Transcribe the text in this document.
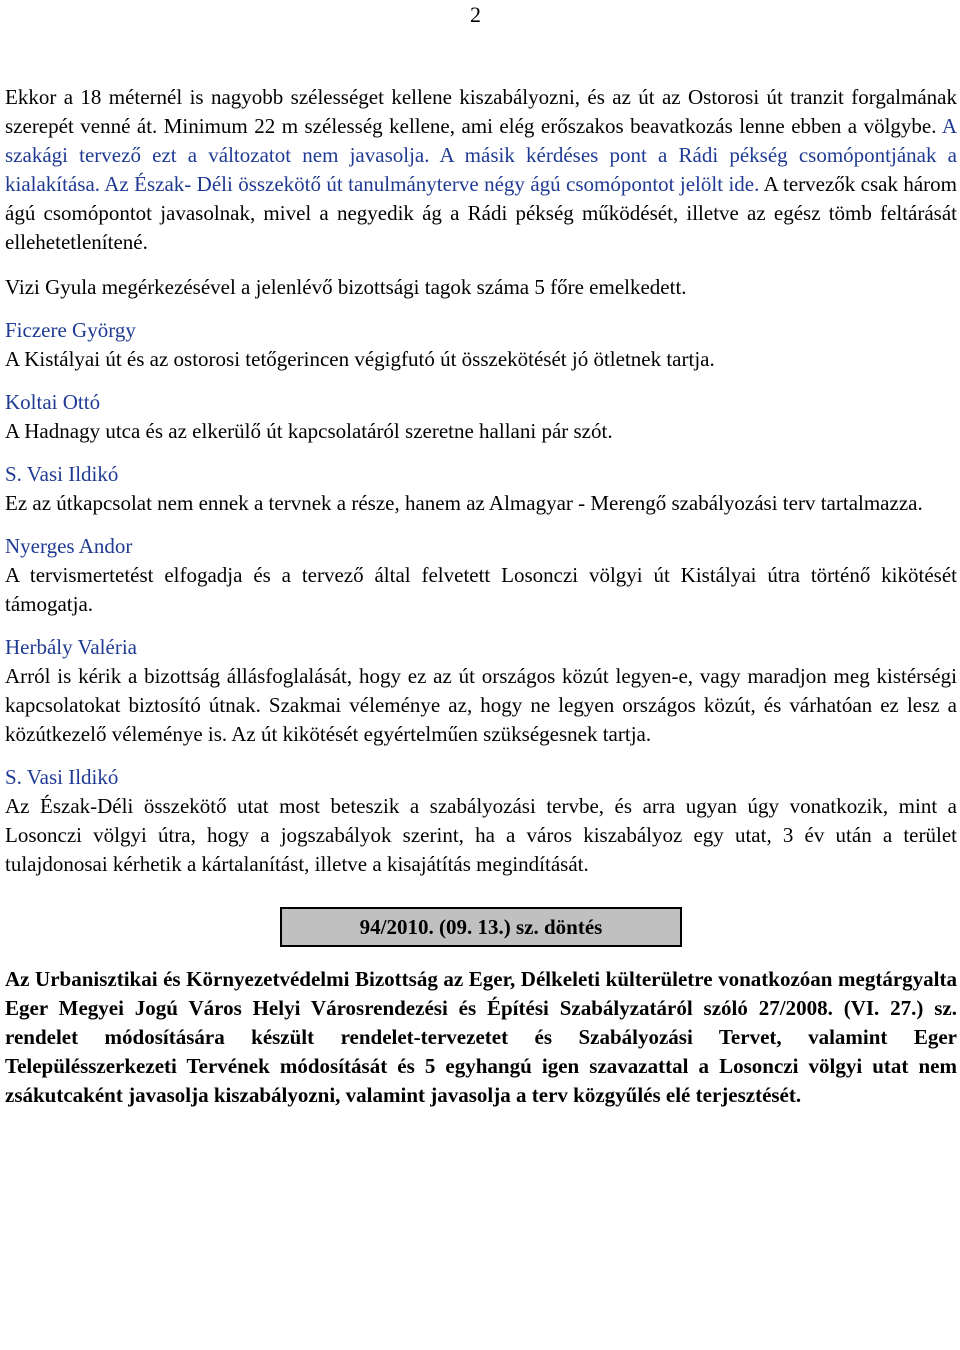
2

Ekkor a 18 méternél is nagyobb szélességet kellene kiszabályozni, és az út az Ostorosi út tranzit forgalmának szerepét venné át. Minimum 22 m szélesség kellene, ami elég erőszakos beavatkozás lenne ebben a völgybe. A szakági tervező ezt a változatot nem javasolja. A másik kérdéses pont a Rádi pékség csomópontjának a kialakítása. Az Észak- Déli összekötő út tanulmányterve négy ágú csomópontot jelölt ide. A tervezők csak három ágú csomópontot javasolnak, mivel a negyedik ág a Rádi pékség működését, illetve az egész tömb feltárását ellehetetlenítené.

Vizi Gyula megérkezésével a jelenlévő bizottsági tagok száma 5 főre emelkedett.

Ficzere György

A Kistályai út és az ostorosi tetőgerincen végigfutó út összekötését jó ötletnek tartja.

Koltai Ottó

A Hadnagy utca és az elkerülő út kapcsolatáról szeretne hallani pár szót.

S. Vasi Ildikó

Ez az útkapcsolat nem ennek a tervnek a része, hanem az Almagyar - Merengő szabályozási terv tartalmazza.

Nyerges Andor

A tervismertetést elfogadja és a tervező által felvetett Losonczi völgyi út Kistályai útra történő kikötését támogatja.

Herbály Valéria

Arról is kérik a bizottság állásfoglalását, hogy ez az út országos közút legyen-e, vagy maradjon meg kistérségi kapcsolatokat biztosító útnak. Szakmai véleménye az, hogy ne legyen országos közút, és várhatóan ez lesz a közútkezelő véleménye is. Az út kikötését egyértelműen szükségesnek tartja.

S. Vasi Ildikó

Az Észak-Déli összekötő utat most beteszik a szabályozási tervbe, és arra ugyan úgy vonatkozik, mint a Losonczi völgyi útra, hogy a jogszabályok szerint, ha a város kiszabályoz egy utat, 3 év után a terület tulajdonosai kérhetik a kártalanítást, illetve a kisajátítás megindítását.

94/2010. (09. 13.) sz. döntés

Az Urbanisztikai és Környezetvédelmi Bizottság az Eger, Délkeleti külterületre vonatkozóan megtárgyalta Eger Megyei Jogú Város Helyi Városrendezési és Építési Szabályzatáról szóló 27/2008. (VI. 27.) sz. rendelet módosítására készült rendelet-tervezetet és Szabályozási Tervet, valamint Eger Településszerkezeti Tervének módosítását és 5 egyhangú igen szavazattal a Losonczi völgyi utat nem zsákutcaként javasolja kiszabályozni, valamint javasolja a terv közgyűlés elé terjesztését.
